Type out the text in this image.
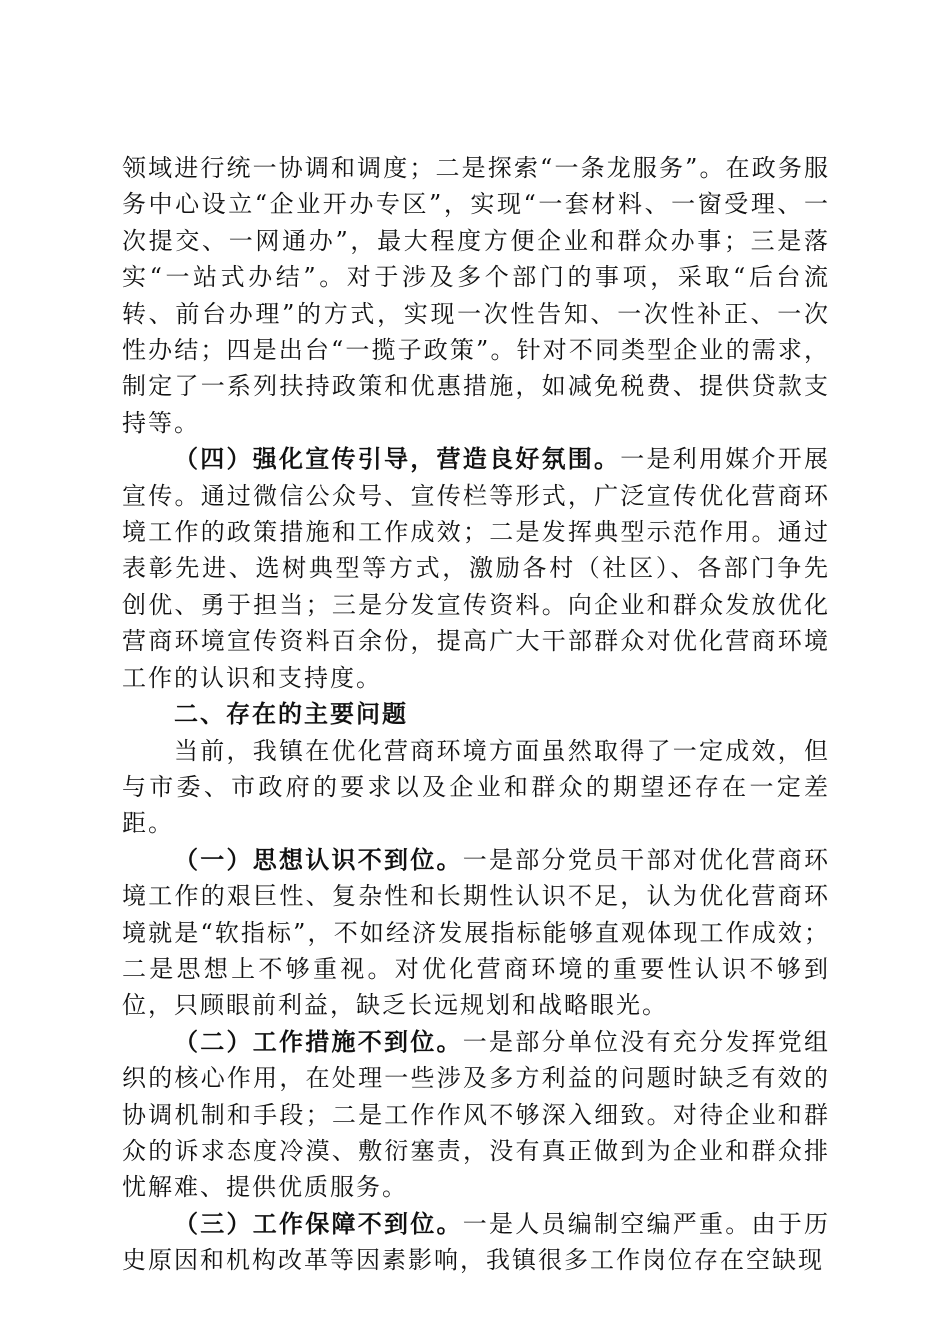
领域进行统一协调和调度；二是探索“一条龙服务”。在政务服务中心设立“企业开办专区”，实现“一套材料、一窗受理、一次提交、一网通办”，最大程度方便企业和群众办事；三是落实“一站式办结”。对于涉及多个部门的事项，采取“后台流转、前台办理”的方式，实现一次性告知、一次性补正、一次性办结；四是出台“一揽子政策”。针对不同类型企业的需求，制定了一系列扶持政策和优惠措施，如减免税费、提供贷款支持等。

（四）强化宣传引导，营造良好氛围。一是利用媒介开展宣传。通过微信公众号、宣传栏等形式，广泛宣传优化营商环境工作的政策措施和工作成效；二是发挥典型示范作用。通过表彰先进、选树典型等方式，激励各村（社区）、各部门争先创优、勇于担当；三是分发宣传资料。向企业和群众发放优化营商环境宣传资料百余份，提高广大干部群众对优化营商环境工作的认识和支持度。

二、存在的主要问题

当前，我镇在优化营商环境方面虽然取得了一定成效，但与市委、市政府的要求以及企业和群众的期望还存在一定差距。

（一）思想认识不到位。一是部分党员干部对优化营商环境工作的艰巨性、复杂性和长期性认识不足，认为优化营商环境就是“软指标”，不如经济发展指标能够直观体现工作成效；二是思想上不够重视。对优化营商环境的重要性认识不够到位，只顾眼前利益，缺乏长远规划和战略眼光。

（二）工作措施不到位。一是部分单位没有充分发挥党组织的核心作用，在处理一些涉及多方利益的问题时缺乏有效的协调机制和手段；二是工作作风不够深入细致。对待企业和群众的诉求态度冷漠、敷衍塞责，没有真正做到为企业和群众排忧解难、提供优质服务。

（三）工作保障不到位。一是人员编制空编严重。由于历史原因和机构改革等因素影响，我镇很多工作岗位存在空缺现
